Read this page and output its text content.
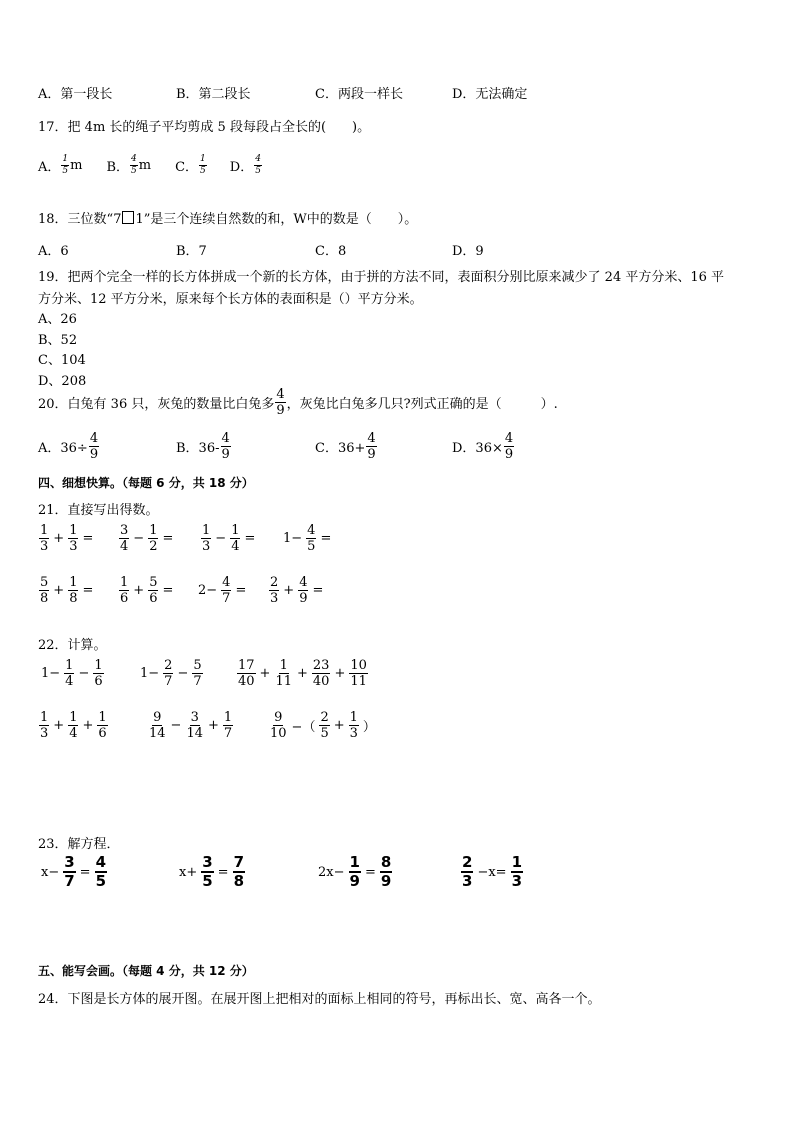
A．第一段长	B．第二段长	C．两段一样长	D．无法确定
17．把 4m 长的绳子平均剪成 5 段每段占全长的(　　)。
A． $\frac{1}{5}$ m B． $\frac{4}{5}$ m C． $\frac{1}{5}$ D． $\frac{4}{5}$
18．三位数“7 1”是三个连续自然数的和，W中的数是（　　）。
A．6	B．7	C．8	D．9
19．把两个完全一样的长方体拼成一个新的长方体，由于拼的方法不同，表面积分别比原来减少了 24 平方分米、16 平
方分米、12 平方分米，原来每个长方体的表面积是（）平方分米。
A、26
B、52
C、104
D、208
20．白兔有 36 只，灰兔的数量比白兔多 $\frac{4}{9}$ ，灰兔比白兔多几只?列式正确的是（　　　）.
A．$36\div \frac{4}{9}$	B．$36- \frac{4}{9}$	C．$36+ \frac{4}{9}$	D．$36\times \frac{4}{9}$
四、细想快算。（每题 6 分，共 18 分）
21．直接写出得数。
$\frac{1}{3} + \frac{1}{3} = \frac{3}{4} - \frac{1}{2} = \frac{1}{3} - \frac{1}{4} = 1- \frac{4}{5}$ =
$\frac{5}{8} + \frac{1}{8} = \frac{1}{6} + \frac{5}{6} = 2- \frac{4}{7} = \frac{2}{3} + \frac{4}{9}$ =
22．计算。
$1- \frac{1}{4} - \frac{1}{6}$	$1- \frac{2}{7} - \frac{5}{7}$	$\frac{17}{40} + \frac{1}{11} + \frac{23}{40} + \frac{10}{11}$
$\frac{1}{3} + \frac{1}{4} + \frac{1}{6}$	$\frac{9}{14} - \frac{3}{14} + \frac{1}{7}$	$\frac{9}{10}$ −（ $\frac{2}{5} + \frac{1}{3}$ ）
23．解方程．
$x- \frac{3}{7} = \frac{4}{5}$	$x+ \frac{3}{5} = \frac{7}{8}$	$2x- \frac{1}{9} = \frac{8}{9}$	$\frac{2}{3} -x= \frac{1}{3}$
五、能写会画。（每题 4 分，共 12 分）
24．下图是长方体的展开图。在展开图上把相对的面标上相同的符号，再标出长、宽、高各一个。
